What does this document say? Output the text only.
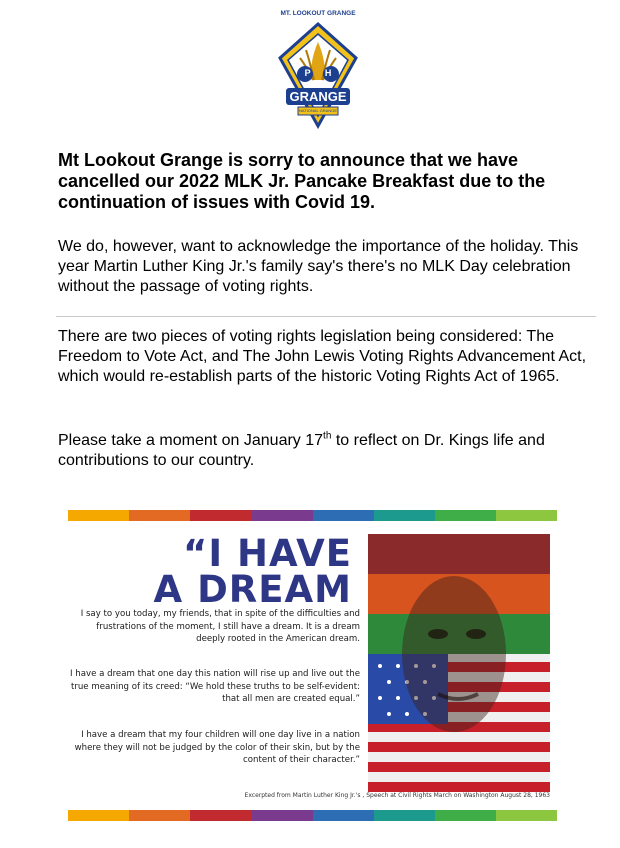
MT. LOOKOUT GRANGE
P H
GRANGE
NATIONAL GRANGE
Mt Lookout Grange is sorry to announce that we have cancelled our 2022 MLK Jr. Pancake Breakfast due to the continuation of issues with Covid 19.
We do, however, want to acknowledge the importance of the holiday. This year Martin Luther King Jr.'s family say's there's no MLK Day celebration without the passage of voting rights.
There are two pieces of voting rights legislation being considered: The Freedom to Vote Act, and The John Lewis Voting Rights Advancement Act, which would re-establish parts of the historic Voting Rights Act of 1965.
Please take a moment on January 17th to reflect on Dr. Kings life and contributions to our country.
“I HAVE
A DREAM
I say to you today, my friends, that in spite of the difficulties and frustrations of the moment, I still have a dream. It is a dream deeply rooted in the American dream.
I have a dream that one day this nation will rise up and live out the true meaning of its creed: “We hold these truths to be self-evident: that all men are created equal.”
I have a dream that my four children will one day live in a nation where they will not be judged by the color of their skin, but by the content of their character.”
Excerpted from Martin Luther King Jr.'s , Speech at Civil Rights March on Washington August 28, 1963
